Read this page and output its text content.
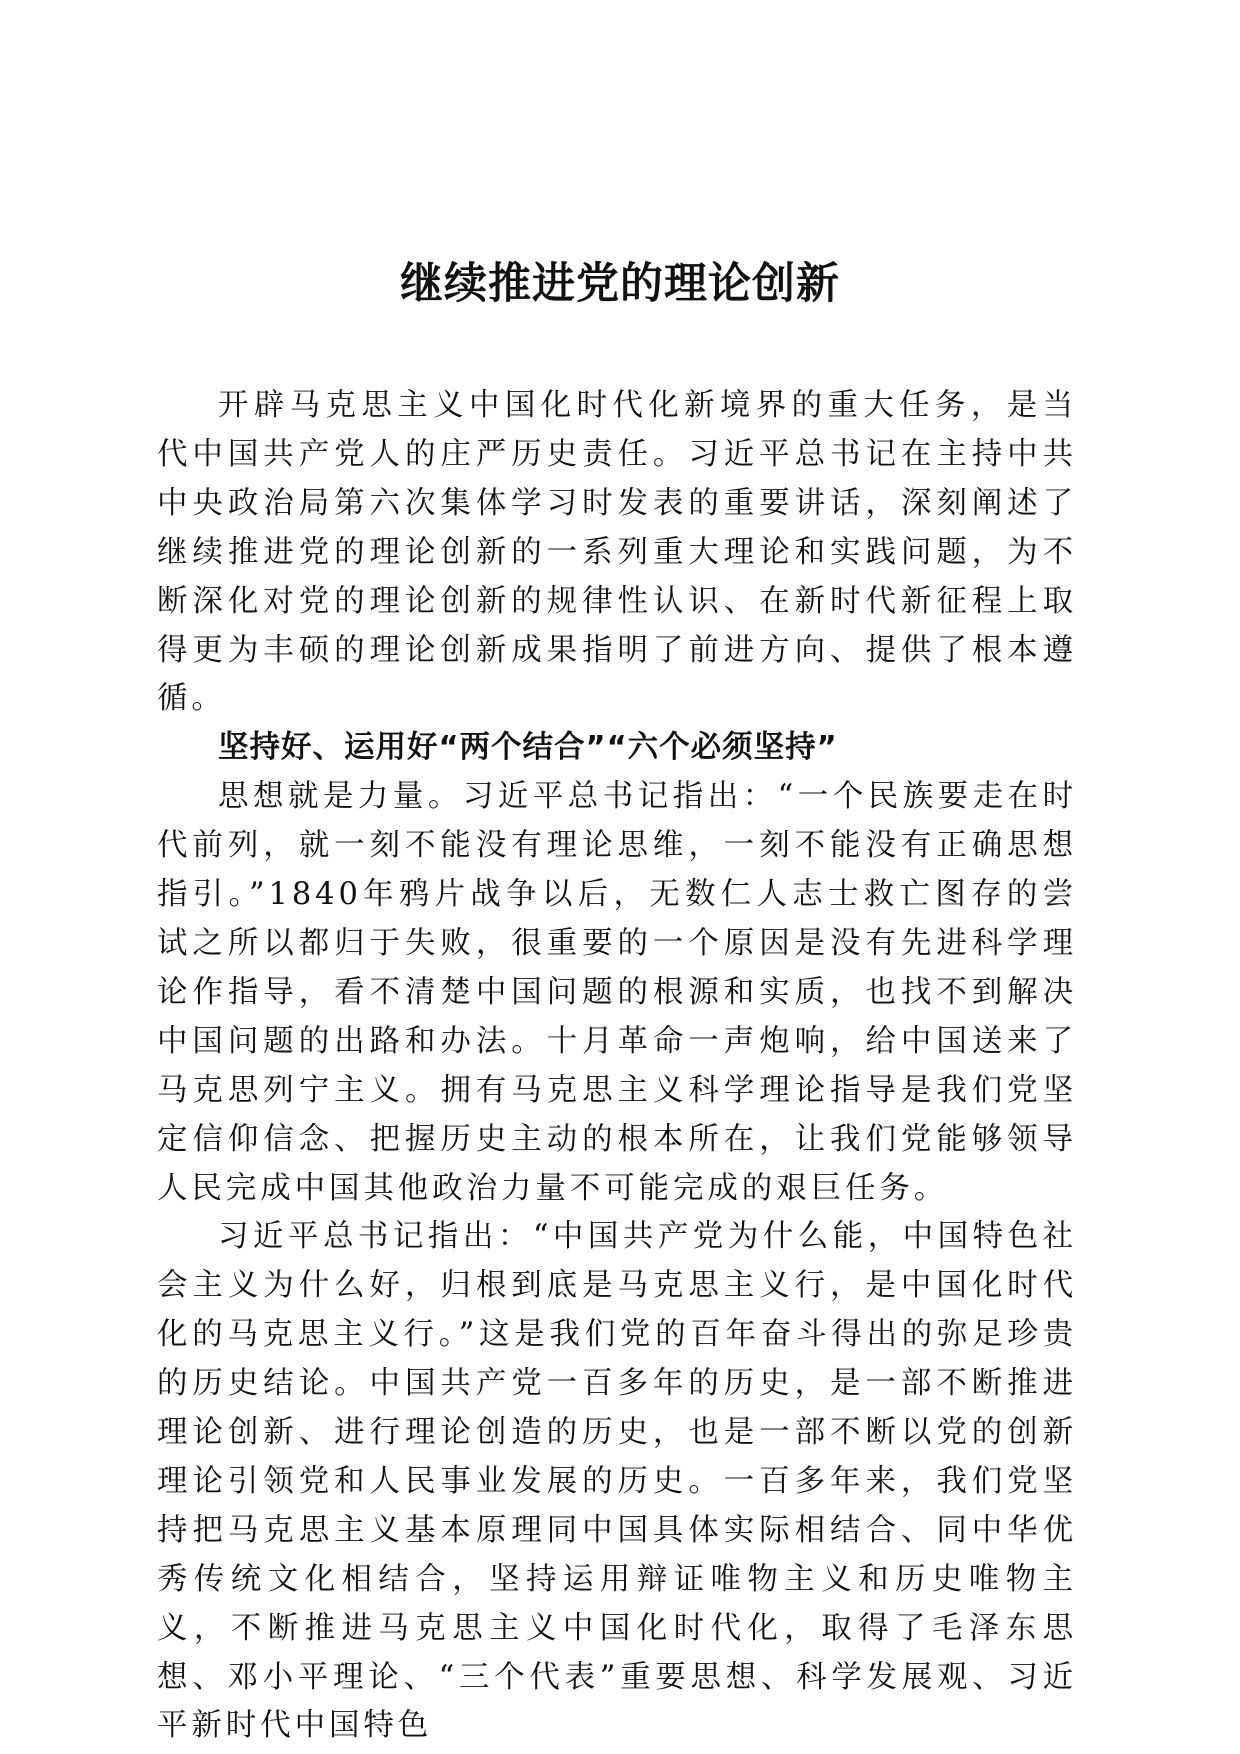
继续推进党的理论创新

开辟马克思主义中国化时代化新境界的重大任务，是当代中国共产党人的庄严历史责任。习近平总书记在主持中共中央政治局第六次集体学习时发表的重要讲话，深刻阐述了继续推进党的理论创新的一系列重大理论和实践问题，为不断深化对党的理论创新的规律性认识、在新时代新征程上取得更为丰硕的理论创新成果指明了前进方向、提供了根本遵循。

坚持好、运用好“两个结合”“六个必须坚持”

思想就是力量。习近平总书记指出：“一个民族要走在时代前列，就一刻不能没有理论思维，一刻不能没有正确思想指引。”1840年鸦片战争以后，无数仁人志士救亡图存的尝试之所以都归于失败，很重要的一个原因是没有先进科学理论作指导，看不清楚中国问题的根源和实质，也找不到解决中国问题的出路和办法。十月革命一声炮响，给中国送来了马克思列宁主义。拥有马克思主义科学理论指导是我们党坚定信仰信念、把握历史主动的根本所在，让我们党能够领导人民完成中国其他政治力量不可能完成的艰巨任务。

习近平总书记指出：“中国共产党为什么能，中国特色社会主义为什么好，归根到底是马克思主义行，是中国化时代化的马克思主义行。”这是我们党的百年奋斗得出的弥足珍贵的历史结论。中国共产党一百多年的历史，是一部不断推进理论创新、进行理论创造的历史，也是一部不断以党的创新理论引领党和人民事业发展的历史。一百多年来，我们党坚持把马克思主义基本原理同中国具体实际相结合、同中华优秀传统文化相结合，坚持运用辩证唯物主义和历史唯物主义，不断推进马克思主义中国化时代化，取得了毛泽东思想、邓小平理论、“三个代表”重要思想、科学发展观、习近平新时代中国特色
